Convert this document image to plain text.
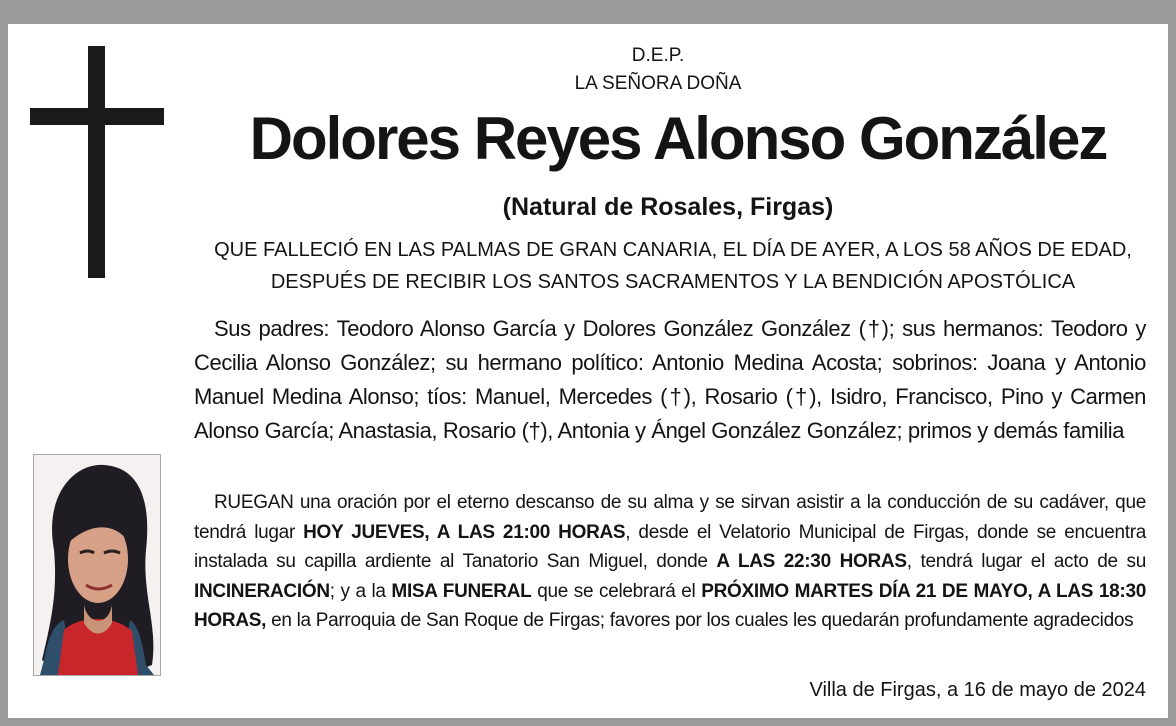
D.E.P.
LA SEÑORA DOÑA
Dolores Reyes Alonso González
(Natural de Rosales, Firgas)
QUE FALLECIÓ EN LAS PALMAS DE GRAN CANARIA, EL DÍA DE AYER, A LOS 58 AÑOS DE EDAD,
DESPUÉS DE RECIBIR LOS SANTOS SACRAMENTOS Y LA BENDICIÓN APOSTÓLICA
Sus padres: Teodoro Alonso García y Dolores González González (†); sus hermanos: Teodoro y Cecilia Alonso González; su hermano político: Antonio Medina Acosta; sobrinos: Joana y Antonio Manuel Medina Alonso; tíos: Manuel, Mercedes (†), Rosario (†), Isidro, Francisco, Pino y Carmen Alonso García; Anastasia, Rosario (†), Antonia y Ángel González González; primos y demás familia
RUEGAN una oración por el eterno descanso de su alma y se sirvan asistir a la conducción de su cadáver, que tendrá lugar HOY JUEVES, A LAS 21:00 HORAS, desde el Velatorio Municipal de Firgas, donde se encuentra instalada su capilla ardiente al Tanatorio San Miguel, donde A LAS 22:30 HORAS, tendrá lugar el acto de su INCINERACIÓN; y a la MISA FUNERAL que se celebrará el PRÓXIMO MARTES DÍA 21 DE MAYO, A LAS 18:30 HORAS, en la Parroquia de San Roque de Firgas; favores por los cuales les quedarán profundamente agradecidos
Villa de Firgas, a 16 de mayo de 2024
